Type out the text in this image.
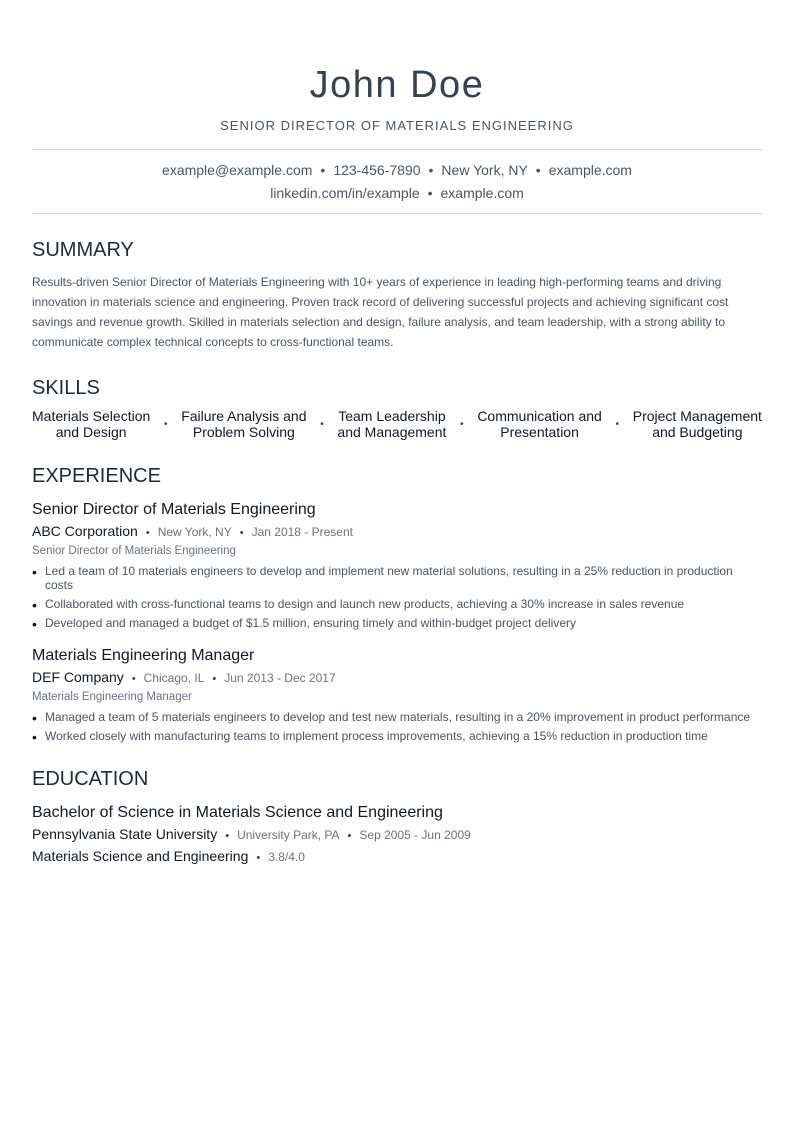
John Doe
SENIOR DIRECTOR OF MATERIALS ENGINEERING
example@example.com • 123-456-7890 • New York, NY • example.com
linkedin.com/in/example • example.com
SUMMARY
Results-driven Senior Director of Materials Engineering with 10+ years of experience in leading high-performing teams and driving innovation in materials science and engineering. Proven track record of delivering successful projects and achieving significant cost savings and revenue growth. Skilled in materials selection and design, failure analysis, and team leadership, with a strong ability to communicate complex technical concepts to cross-functional teams.
SKILLS
Materials Selection
and Design	• Failure Analysis and
Problem Solving	•	Team Leadership
and Management	• Communication and
Presentation	• Project Management
and Budgeting
EXPERIENCE
Senior Director of Materials Engineering
ABC Corporation • New York, NY • Jan 2018 - Present
Senior Director of Materials Engineering
• Led a team of 10 materials engineers to develop and implement new material solutions, resulting in a 25% reduction in production costs
• Collaborated with cross-functional teams to design and launch new products, achieving a 30% increase in sales revenue
• Developed and managed a budget of $1.5 million, ensuring timely and within-budget project delivery
Materials Engineering Manager
DEF Company • Chicago, IL • Jun 2013 - Dec 2017
Materials Engineering Manager
• Managed a team of 5 materials engineers to develop and test new materials, resulting in a 20% improvement in product performance
• Worked closely with manufacturing teams to implement process improvements, achieving a 15% reduction in production time
EDUCATION
Bachelor of Science in Materials Science and Engineering
Pennsylvania State University • University Park, PA • Sep 2005 - Jun 2009
Materials Science and Engineering • 3.8/4.0
